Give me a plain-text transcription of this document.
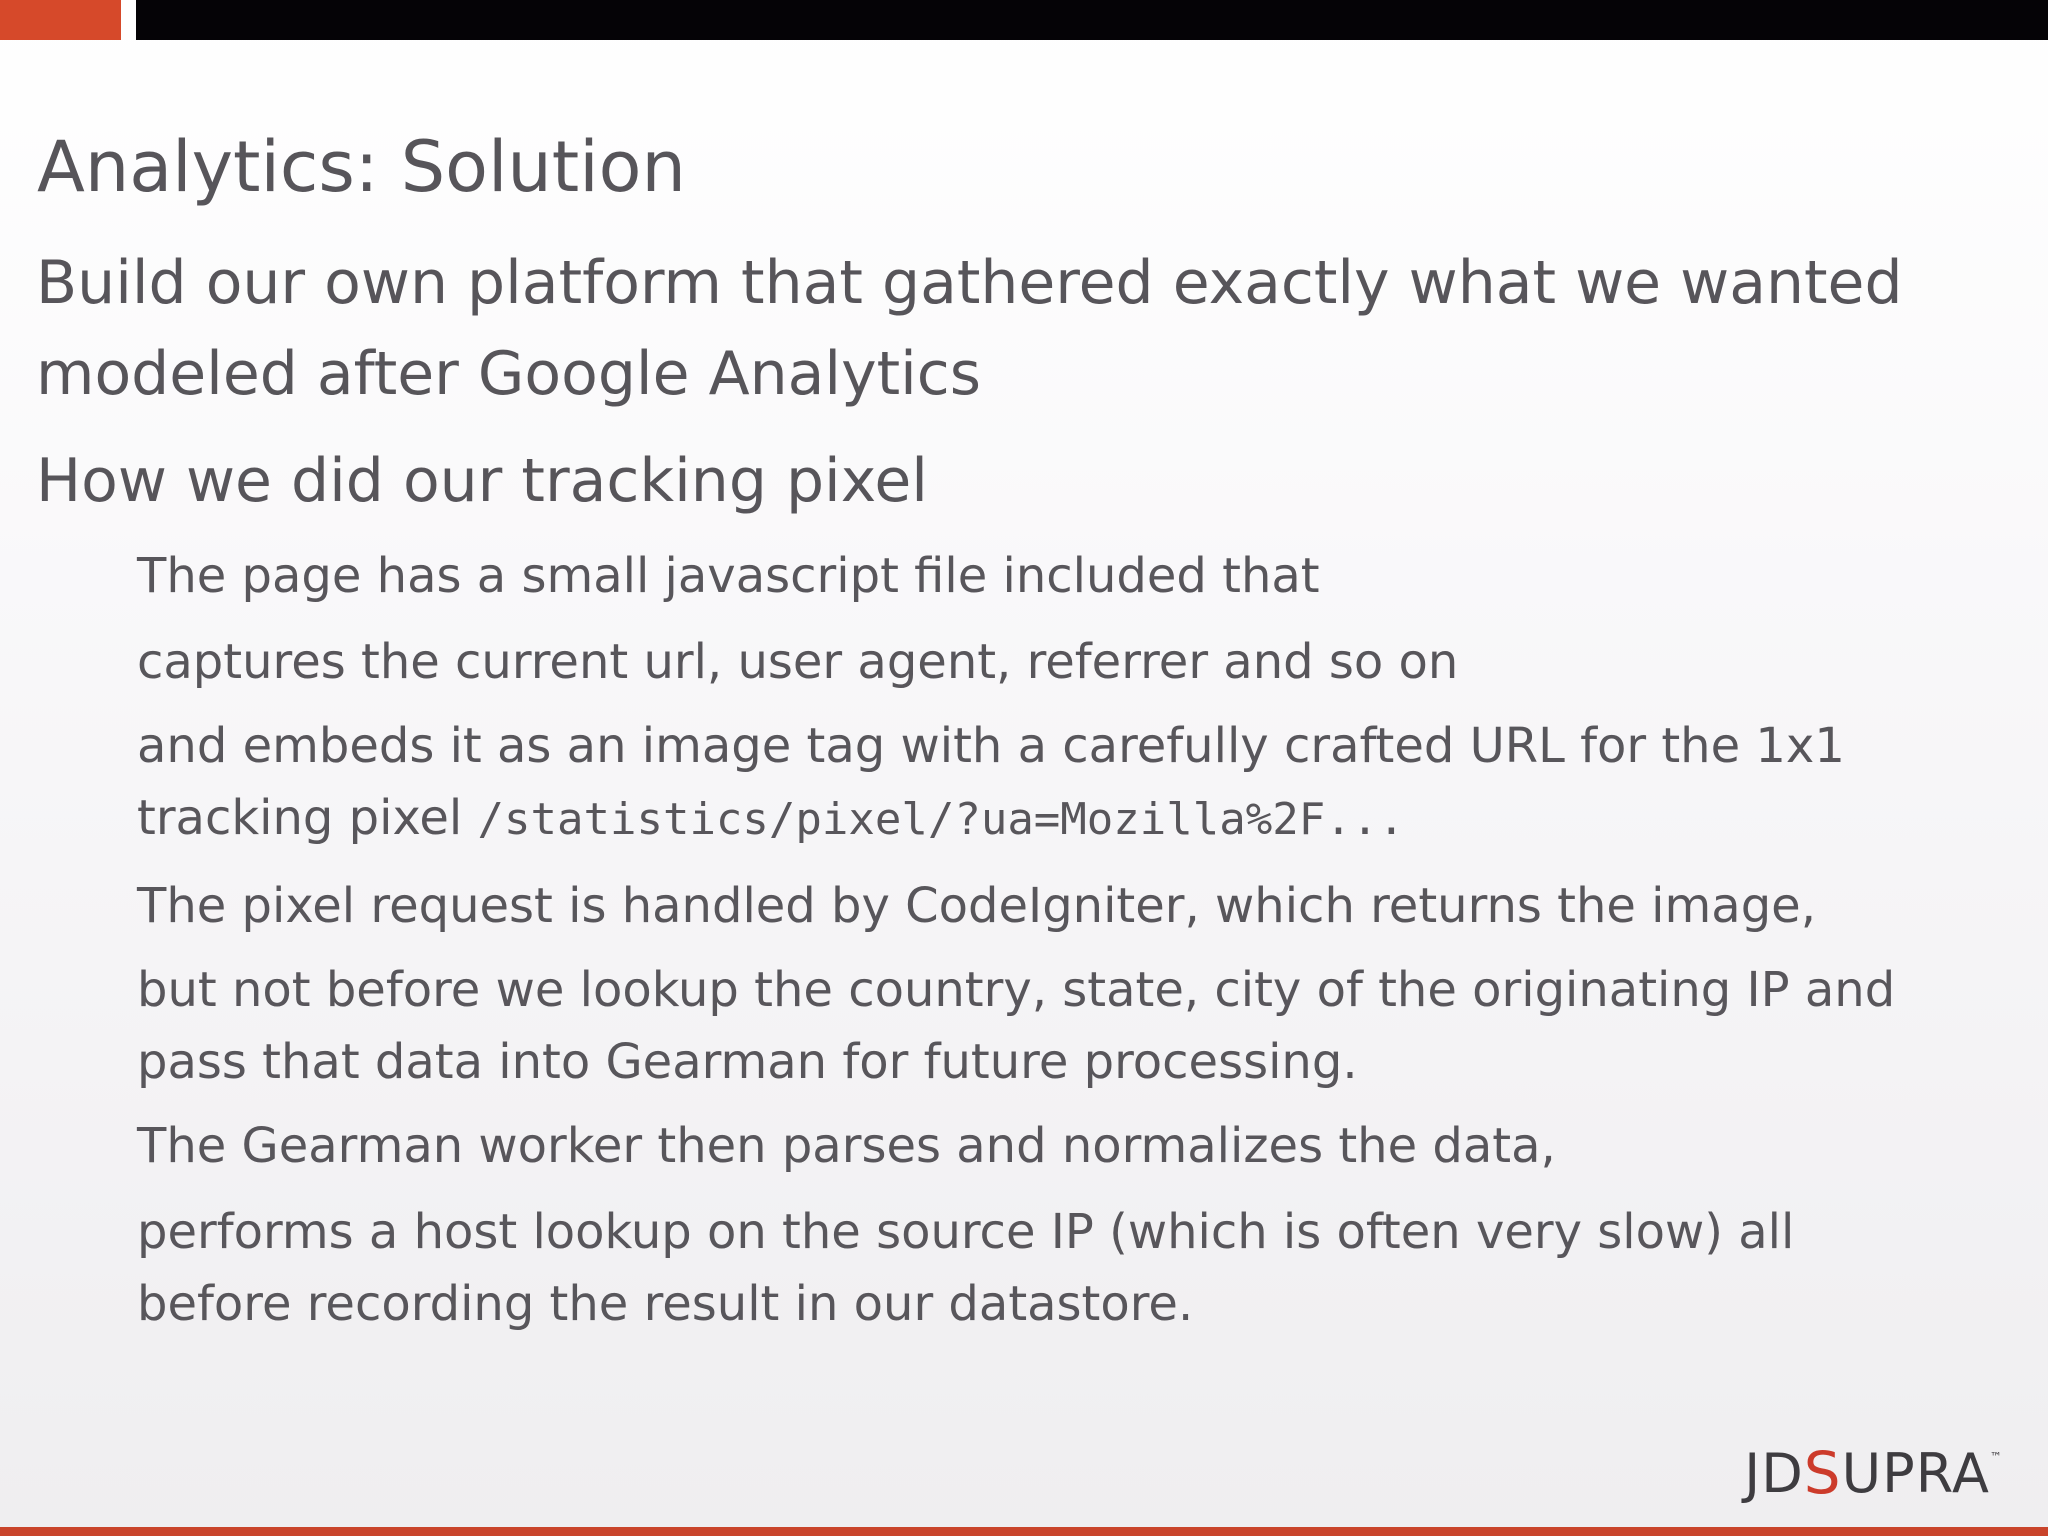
Analytics: Solution

Build our own platform that gathered exactly what we wanted

modeled after Google Analytics

How we did our tracking pixel

The page has a small javascript file included that

captures the current url, user agent, referrer and so on

and embeds it as an image tag with a carefully crafted URL for the 1x1

tracking pixel /statistics/pixel/?ua=Mozilla%2F...

The pixel request is handled by CodeIgniter, which returns the image,

but not before we lookup the country, state, city of the originating IP and

pass that data into Gearman for future processing.

The Gearman worker then parses and normalizes the data,

performs a host lookup on the source IP (which is often very slow) all

before recording the result in our datastore.

JD S UPRA ™
